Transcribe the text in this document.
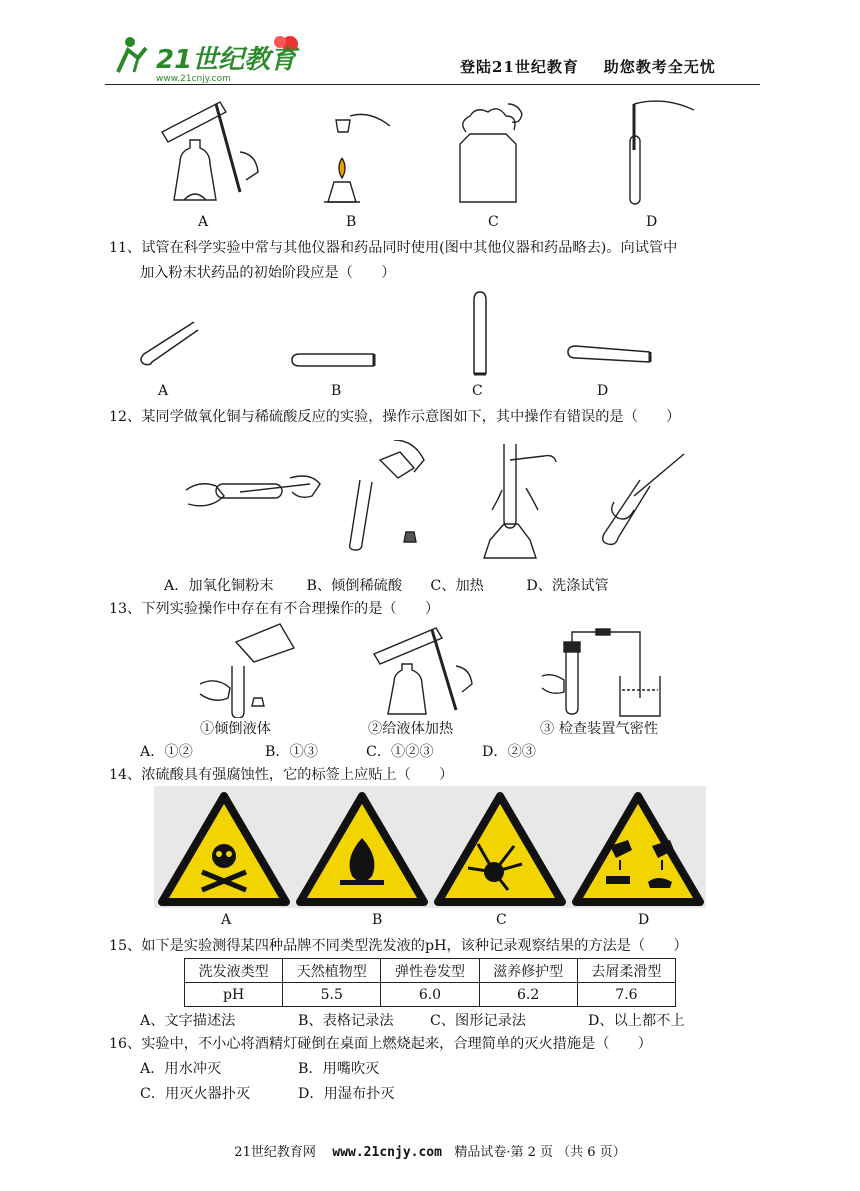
21世纪教育
www.21cnjy.com
登陆21世纪教育    助您教考全无忧
A	B	C	D
11、试管在科学实验中常与其他仪器和药品同时使用(图中其他仪器和药品略去)。向试管中
加入粉末状药品的初始阶段应是（　　）
A	B	C	D
12、某同学做氧化铜与稀硫酸反应的实验，操作示意图如下，其中操作有错误的是（　　）
A．加氧化铜粉末　　 B、倾倒稀硫酸　　 C、加热　　　	D、洗涤试管
13、下列实验操作中存在有不合理操作的是（　　）
①倾倒液体	②给液体加热	③ 检查装置气密性
A．①②	B．①③	C．①②③	D．②③
14、浓硫酸具有强腐蚀性，它的标签上应贴上（　　）
A	B	C	D
15、如下是实验测得某四种品牌不同类型洗发液的pH，该种记录观察结果的方法是（　　）
洗发液类型	天然植物型	弹性卷发型	滋养修护型	去屑柔滑型
pH	5.5	6.0	6.2	7.6
A、文字描述法	B、表格记录法	C、图形记录法	D、以上都不上
16、实验中，不小心将酒精灯碰倒在桌面上燃烧起来，合理简单的灭火措施是（　　）
A．用水冲灭	B．用嘴吹灭
C．用灭火器扑灭	D．用湿布扑灭
21世纪教育网 www.21cnjy.com 精品试卷·第 2 页 （共 6 页）
